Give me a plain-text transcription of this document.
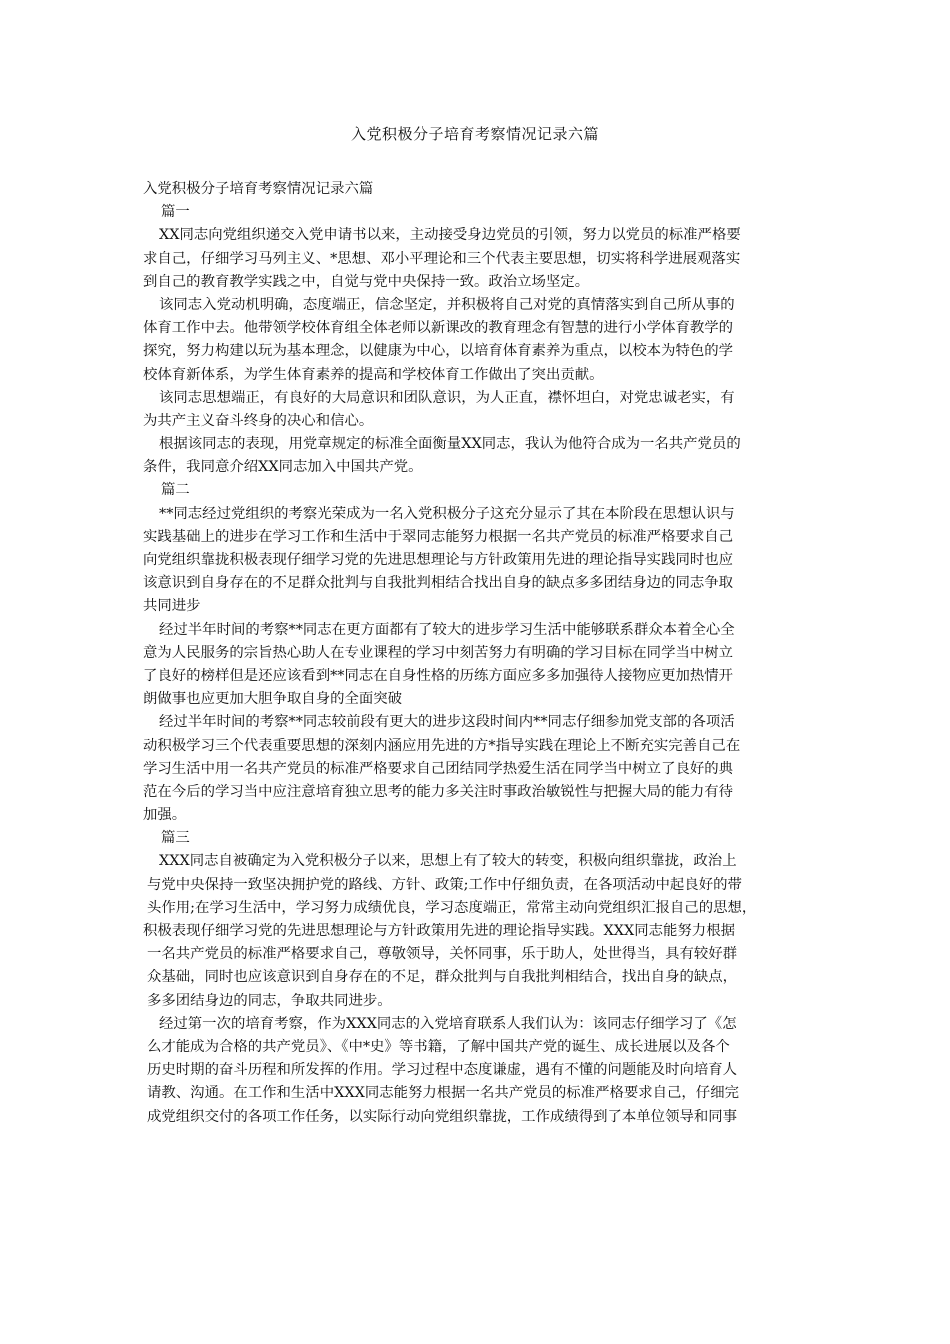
入党积极分子培育考察情况记录六篇
入党积极分子培育考察情况记录六篇
篇一
XX同志向党组织递交入党申请书以来，主动接受身边党员的引领，努力以党员的标准严格要
求自己，仔细学习马列主义、*思想、邓小平理论和三个代表主要思想，切实将科学进展观落实
到自己的教育教学实践之中，自觉与党中央保持一致。政治立场坚定。
该同志入党动机明确，态度端正，信念坚定，并积极将自己对党的真情落实到自己所从事的
体育工作中去。他带领学校体育组全体老师以新课改的教育理念有智慧的进行小学体育教学的
探究，努力构建以玩为基本理念，以健康为中心，以培育体育素养为重点，以校本为特色的学
校体育新体系，为学生体育素养的提高和学校体育工作做出了突出贡献。
该同志思想端正，有良好的大局意识和团队意识，为人正直，襟怀坦白，对党忠诚老实，有
为共产主义奋斗终身的决心和信心。
根据该同志的表现，用党章规定的标准全面衡量XX同志，我认为他符合成为一名共产党员的
条件，我同意介绍XX同志加入中国共产党。
篇二
**同志经过党组织的考察光荣成为一名入党积极分子这充分显示了其在本阶段在思想认识与
实践基础上的进步在学习工作和生活中于翠同志能努力根据一名共产党员的标准严格要求自己
向党组织靠拢积极表现仔细学习党的先进思想理论与方针政策用先进的理论指导实践同时也应
该意识到自身存在的不足群众批判与自我批判相结合找出自身的缺点多多团结身边的同志争取
共同进步
经过半年时间的考察**同志在更方面都有了较大的进步学习生活中能够联系群众本着全心全
意为人民服务的宗旨热心助人在专业课程的学习中刻苦努力有明确的学习目标在同学当中树立
了良好的榜样但是还应该看到**同志在自身性格的历练方面应多多加强待人接物应更加热情开
朗做事也应更加大胆争取自身的全面突破
经过半年时间的考察**同志较前段有更大的进步这段时间内**同志仔细参加党支部的各项活
动积极学习三个代表重要思想的深刻内涵应用先进的方*指导实践在理论上不断充实完善自己在
学习生活中用一名共产党员的标准严格要求自己团结同学热爱生活在同学当中树立了良好的典
范在今后的学习当中应注意培育独立思考的能力多关注时事政治敏锐性与把握大局的能力有待
加强。
篇三
XXX同志自被确定为入党积极分子以来，思想上有了较大的转变，积极向组织靠拢，政治上
与党中央保持一致坚决拥护党的路线、方针、政策;工作中仔细负责，在各项活动中起良好的带
头作用;在学习生活中，学习努力成绩优良，学习态度端正，常常主动向党组织汇报自己的思想，
积极表现仔细学习党的先进思想理论与方针政策用先进的理论指导实践。XXX同志能努力根据
一名共产党员的标准严格要求自己，尊敬领导，关怀同事，乐于助人，处世得当，具有较好群
众基础，同时也应该意识到自身存在的不足，群众批判与自我批判相结合，找出自身的缺点，
多多团结身边的同志，争取共同进步。
经过第一次的培育考察，作为XXX同志的入党培育联系人我们认为：该同志仔细学习了《怎
么才能成为合格的共产党员》、《中*史》等书籍，了解中国共产党的诞生、成长进展以及各个
历史时期的奋斗历程和所发挥的作用。学习过程中态度谦虚，遇有不懂的问题能及时向培育人
请教、沟通。在工作和生活中XXX同志能努力根据一名共产党员的标准严格要求自己，仔细完
成党组织交付的各项工作任务，以实际行动向党组织靠拢，工作成绩得到了本单位领导和同事
